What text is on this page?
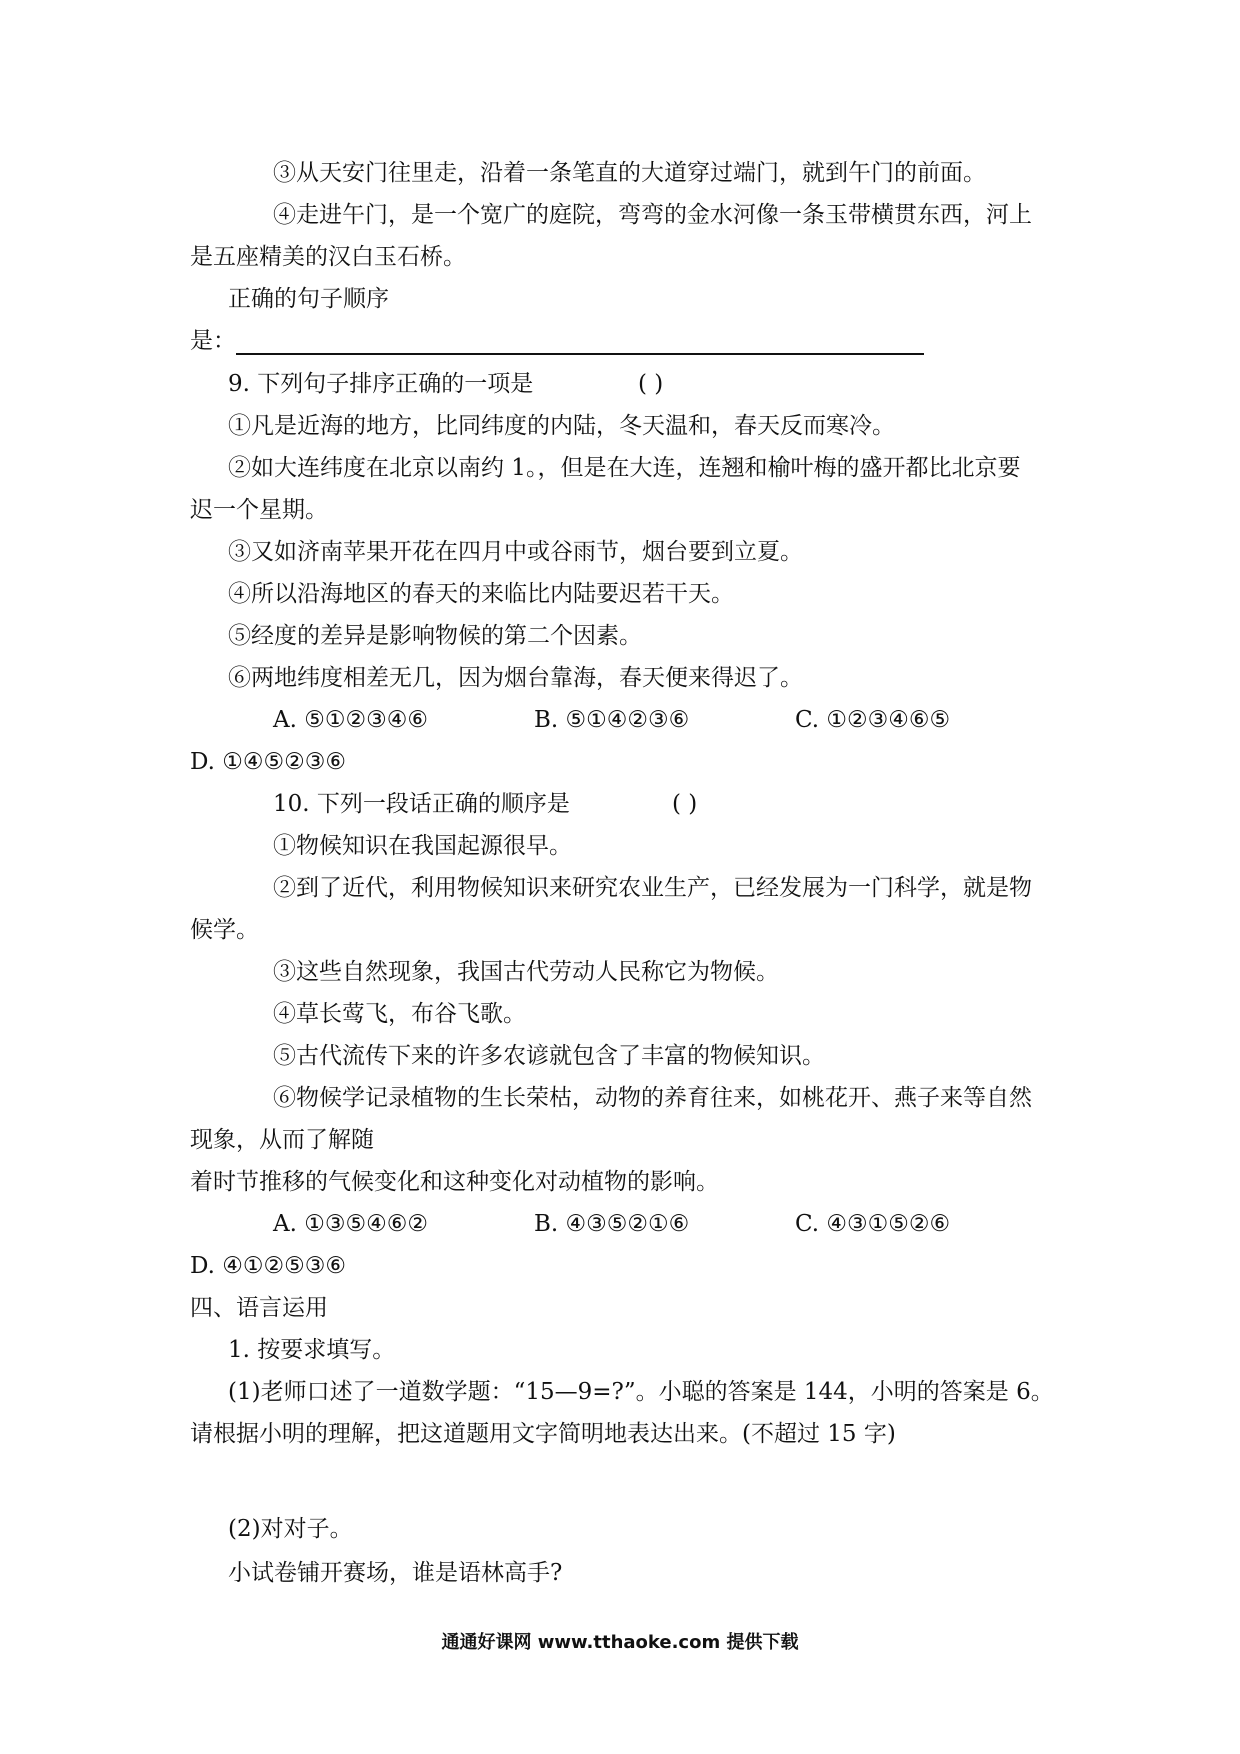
③从天安门往里走，沿着一条笔直的大道穿过端门，就到午门的前面。
④走进午门，是一个宽广的庭院，弯弯的金水河像一条玉带横贯东西，河上
是五座精美的汉白玉石桥。
正确的句子顺序
是：
9. 下列句子排序正确的一项是	( )
①凡是近海的地方，比同纬度的内陆，冬天温和，春天反而寒冷。
②如大连纬度在北京以南约 1。，但是在大连，连翘和榆叶梅的盛开都比北京要
迟一个星期。
③又如济南苹果开花在四月中或谷雨节，烟台要到立夏。
④所以沿海地区的春天的来临比内陆要迟若干天。
⑤经度的差异是影响物候的第二个因素。
⑥两地纬度相差无几，因为烟台靠海，春天便来得迟了。
A. ⑤①②③④⑥	B. ⑤①④②③⑥	C. ①②③④⑥⑤
D. ①④⑤②③⑥
10. 下列一段话正确的顺序是	( )
①物候知识在我国起源很早。
②到了近代，利用物候知识来研究农业生产，已经发展为一门科学，就是物
候学。
③这些自然现象，我国古代劳动人民称它为物候。
④草长莺飞，布谷飞歌。
⑤古代流传下来的许多农谚就包含了丰富的物候知识。
⑥物候学记录植物的生长荣枯，动物的养育往来，如桃花开、燕子来等自然
现象，从而了解随
着时节推移的气候变化和这种变化对动植物的影响。
A. ①③⑤④⑥②	B. ④③⑤②①⑥	C. ④③①⑤②⑥
D. ④①②⑤③⑥
四、语言运用
1. 按要求填写。
(1)老师口述了一道数学题：“15—9=?”。小聪的答案是 144，小明的答案是 6。
请根据小明的理解，把这道题用文字简明地表达出来。(不超过 15 字)
(2)对对子。
小试卷铺开赛场，谁是语林高手?
通通好课网 www.tthaoke.com 提供下载
